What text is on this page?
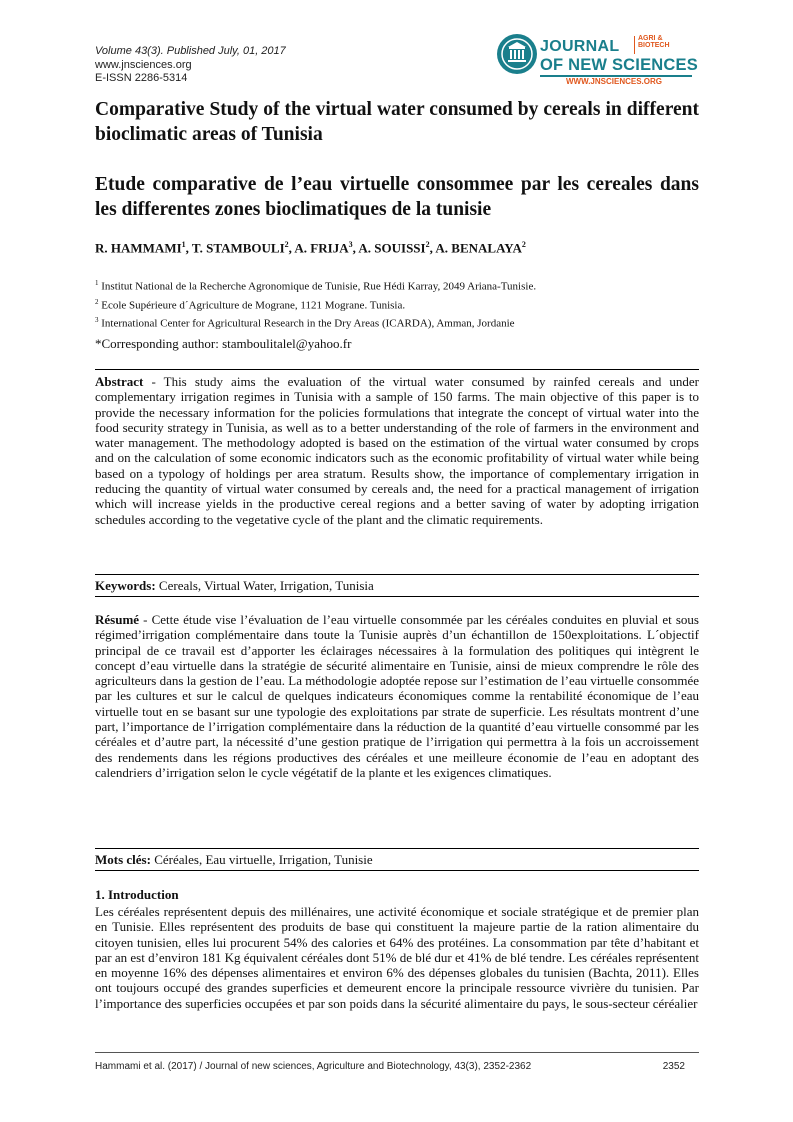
Volume 43(3). Published July, 01, 2017
www.jnsciences.org
E-ISSN 2286-5314
JOURNAL	AGRI & BIOTECH
OF NEW SCIENCES
WWW.JNSCIENCES.ORG
Comparative Study of the virtual water consumed by cereals in different bioclimatic areas of Tunisia
Etude comparative de l’eau virtuelle consommee par les cereales dans les differentes zones bioclimatiques de la tunisie
R. HAMMAMI$^1$, T. STAMBOULI$^2$, A. FRIJA$^3$, A. SOUISSI$^2$, A. BENALAYA$^2$
$^1$ Institut National de la Recherche Agronomique de Tunisie, Rue Hédi Karray, 2049 Ariana-Tunisie.
$^2$ Ecole Supérieure d´Agriculture de Mograne, 1121 Mograne. Tunisia.
$^3$ International Center for Agricultural Research in the Dry Areas (ICARDA), Amman, Jordanie
*Corresponding author: stamboulitalel@yahoo.fr
Abstract - This study aims the evaluation of the virtual water consumed by rainfed cereals and under complementary irrigation regimes in Tunisia with a sample of 150 farms. The main objective of this paper is to provide the necessary information for the policies formulations that integrate the concept of virtual water into the food security strategy in Tunisia, as well as to a better understanding of the role of farmers in the environment and water management. The methodology adopted is based on the estimation of the virtual water consumed by crops and on the calculation of some economic indicators such as the economic profitability of virtual water while being based on a typology of holdings per area stratum. Results show, the importance of complementary irrigation in reducing the quantity of virtual water consumed by cereals and, the need for a practical management of irrigation which will increase yields in the productive cereal regions and a better saving of water by adopting irrigation schedules according to the vegetative cycle of the plant and the climatic requirements.
Keywords: Cereals, Virtual Water, Irrigation, Tunisia
Résumé - Cette étude vise l’évaluation de l’eau virtuelle consommée par les céréales conduites en pluvial et sous régimed’irrigation complémentaire dans toute la Tunisie auprès d’un échantillon de 150exploitations. L´objectif principal de ce travail est d’apporter les éclairages nécessaires à la formulation des politiques qui intègrent le concept d’eau virtuelle dans la stratégie de sécurité alimentaire en Tunisie, ainsi de mieux comprendre le rôle des agriculteurs dans la gestion de l’eau. La méthodologie adoptée repose sur l’estimation de l’eau virtuelle consommée par les cultures et sur le calcul de quelques indicateurs économiques comme la rentabilité économique de l’eau virtuelle tout en se basant sur une typologie des exploitations par strate de superficie. Les résultats montrent d’une part, l’importance de l’irrigation complémentaire dans la réduction de la quantité d’eau virtuelle consommé par les céréales et d’autre part, la nécessité d’une gestion pratique de l’irrigation qui permettra à la fois un accroissement des rendements dans les régions productives des céréales et une meilleure économie de l’eau en adoptant des calendriers d’irrigation selon le cycle végétatif de la plante et les exigences climatiques.
Mots clés: Céréales, Eau virtuelle, Irrigation, Tunisie
1. Introduction
Les céréales représentent depuis des millénaires, une activité économique et sociale stratégique et de premier plan en Tunisie. Elles représentent des produits de base qui constituent la majeure partie de la ration alimentaire du citoyen tunisien, elles lui procurent 54% des calories et 64% des protéines. La consommation par tête d’habitant et par an est d’environ 181 Kg équivalent céréales dont 51% de blé dur et 41% de blé tendre. Les céréales représentent en moyenne 16% des dépenses alimentaires et environ 6% des dépenses globales du tunisien (Bachta, 2011). Elles ont toujours occupé des grandes superficies et demeurent encore la principale ressource vivrière du tunisien. Par l’importance des superficies occupées et par son poids dans la sécurité alimentaire du pays, le sous-secteur céréalier
Hammami et al. (2017) / Journal of new sciences, Agriculture and Biotechnology, 43(3), 2352-2362	2352
